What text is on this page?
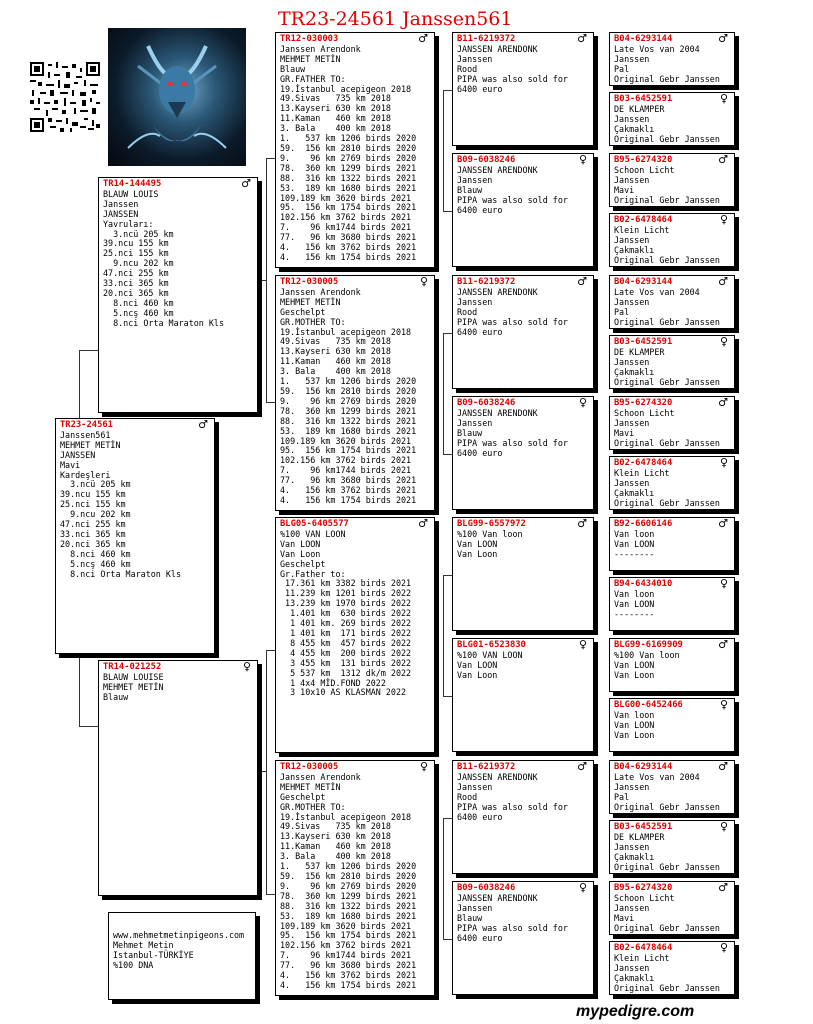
TR23-24561 Janssen561
mypedigre.com
♂
TR23-24561
Janssen561
MEHMET METİN
JANSSEN
Mavi
Kardeşleri
3.ncü 205 km
39.ncu 155 km
25.nci 155 km
9.ncu 202 km
47.nci 255 km
33.nci 365 km
20.nci 365 km
8.nci 460 km
5.ncş 460 km
8.nci Orta Maraton Kls
♂
TR14-144495
BLAUW LOUIS
Janssen
JANSSEN
Yavruları:
3.ncü 205 km
39.ncu 155 km
25.nci 155 km
9.ncu 202 km
47.nci 255 km
33.nci 365 km
20.nci 365 km
8.nci 460 km
5.ncş 460 km
8.nci Orta Maraton Kls
♀
TR14-021252
BLAUW LOUISE
MEHMET METİN
Blauw
www.mehmetmetinpigeons.com
Mehmet Metin
Istanbul-TÜRKİYE
%100 DNA
♂
TR12-030003
Janssen Arendonk
MEHMET METİN
Blauw
GR.FATHER TO:
19.İstanbul acepigeon 2018
49.Sivas   735 km 2018
13.Kayseri 630 km 2018
11.Kaman   460 km 2018
3. Bala    400 km 2018
1.   537 km 1206 birds 2020
59.  156 km 2810 birds 2020
9.    96 km 2769 birds 2020
78.  360 km 1299 birds 2021
88.  316 km 1322 birds 2021
53.  189 km 1680 birds 2021
109.189 km 3620 birds 2021
95.  156 km 1754 birds 2021
102.156 km 3762 birds 2021
7.    96 km1744 birds 2021
77.   96 km 3680 birds 2021
4.   156 km 3762 birds 2021
4.   156 km 1754 birds 2021
♀
TR12-030005
Janssen Arendonk
MEHMET METİN
Geschelpt
GR.MOTHER TO:
19.İstanbul acepigeon 2018
49.Sivas   735 km 2018
13.Kayseri 630 km 2018
11.Kaman   460 km 2018
3. Bala    400 km 2018
1.   537 km 1206 birds 2020
59.  156 km 2810 birds 2020
9.    96 km 2769 birds 2020
78.  360 km 1299 birds 2021
88.  316 km 1322 birds 2021
53.  189 km 1680 birds 2021
109.189 km 3620 birds 2021
95.  156 km 1754 birds 2021
102.156 km 3762 birds 2021
7.    96 km1744 birds 2021
77.   96 km 3680 birds 2021
4.   156 km 3762 birds 2021
4.   156 km 1754 birds 2021
♂
BLG05-6405577
%100 VAN LOON
Van LOON
Van Loon
Geschelpt
Gr.Father to:
17.361 km 3382 birds 2021
11.239 km 1201 birds 2022
13.239 km 1970 birds 2022
1.401 km  630 birds 2022
1 401 km. 269 birds 2022
1 401 km  171 birds 2022
8 455 km  457 birds 2022
4 455 km  200 birds 2022
3 455 km  131 birds 2022
5 537 km  1312 dk/m 2022
1 4x4 MİD.FOND 2022
3 10x10 AS KLASMAN 2022
♀
TR12-030005
Janssen Arendonk
MEHMET METİN
Geschelpt
GR.MOTHER TO:
19.İstanbul acepigeon 2018
49.Sivas   735 km 2018
13.Kayseri 630 km 2018
11.Kaman   460 km 2018
3. Bala    400 km 2018
1.   537 km 1206 birds 2020
59.  156 km 2810 birds 2020
9.    96 km 2769 birds 2020
78.  360 km 1299 birds 2021
88.  316 km 1322 birds 2021
53.  189 km 1680 birds 2021
109.189 km 3620 birds 2021
95.  156 km 1754 birds 2021
102.156 km 3762 birds 2021
7.    96 km1744 birds 2021
77.   96 km 3680 birds 2021
4.   156 km 3762 birds 2021
4.   156 km 1754 birds 2021
♂
B11-6219372
JANSSEN ARENDONK
Janssen
Rood
PIPA was also sold for
6400 euro
♀
B09-6038246
JANSSEN ARENDONK
Janssen
Blauw
PIPA was also sold for
6400 euro
♂
B11-6219372
JANSSEN ARENDONK
Janssen
Rood
PIPA was also sold for
6400 euro
♀
B09-6038246
JANSSEN ARENDONK
Janssen
Blauw
PIPA was also sold for
6400 euro
♂
BLG99-6557972
%100 Van loon
Van LOON
Van Loon
♀
BLG01-6523830
%100 VAN LOON
Van LOON
Van Loon
♂
B11-6219372
JANSSEN ARENDONK
Janssen
Rood
PIPA was also sold for
6400 euro
♀
B09-6038246
JANSSEN ARENDONK
Janssen
Blauw
PIPA was also sold for
6400 euro
♂
B04-6293144
Late Vos van 2004
Janssen
Pal
Original Gebr Janssen
♀
B03-6452591
DE KLAMPER
Janssen
Çakmaklı
Original Gebr Janssen
♂
B95-6274320
Schoon Licht
Janssen
Mavi
Original Gebr Janssen
♀
B02-6478464
Klein Licht
Janssen
Çakmaklı
Original Gebr Janssen
♂
B04-6293144
Late Vos van 2004
Janssen
Pal
Original Gebr Janssen
♀
B03-6452591
DE KLAMPER
Janssen
Çakmaklı
Original Gebr Janssen
♂
B95-6274320
Schoon Licht
Janssen
Mavi
Original Gebr Janssen
♀
B02-6478464
Klein Licht
Janssen
Çakmaklı
Original Gebr Janssen
♂
B92-6606146
Van loon
Van LOON
--------
♀
B94-6434010
Van loon
Van LOON
--------
♂
BLG99-6169909
%100 Van loon
Van LOON
Van Loon
♀
BLG00-6452466
Van loon
Van LOON
Van Loon
♂
B04-6293144
Late Vos van 2004
Janssen
Pal
Original Gebr Janssen
♀
B03-6452591
DE KLAMPER
Janssen
Çakmaklı
Original Gebr Janssen
♂
B95-6274320
Schoon Licht
Janssen
Mavi
Original Gebr Janssen
♀
B02-6478464
Klein Licht
Janssen
Çakmaklı
Original Gebr Janssen
